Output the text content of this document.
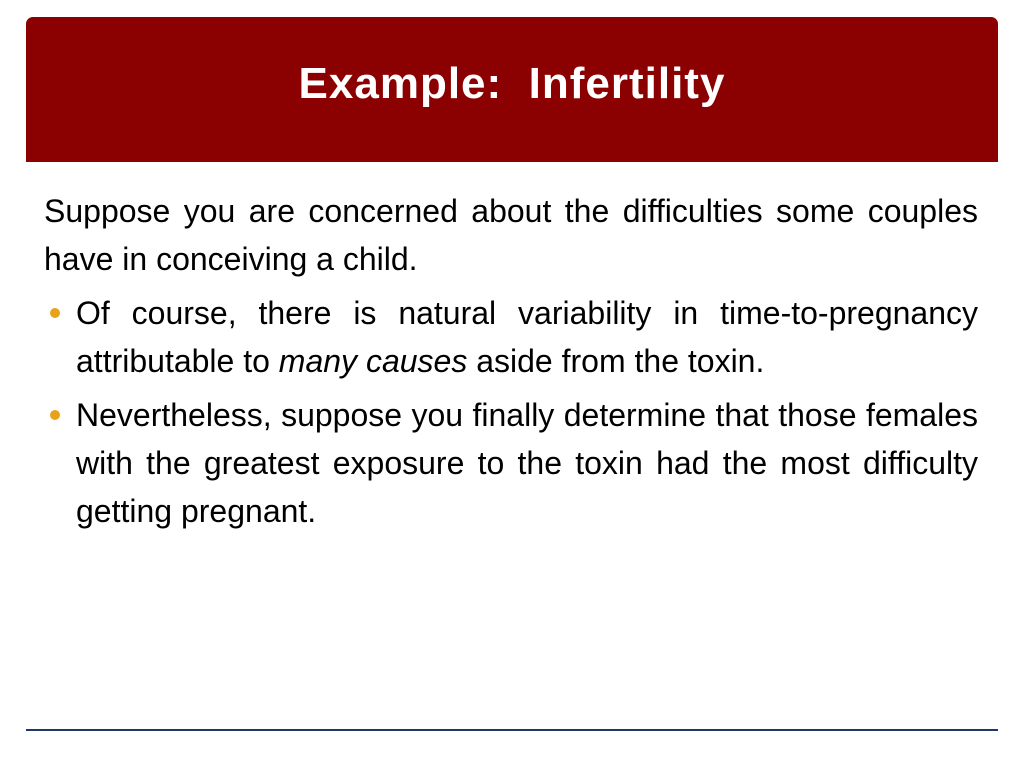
Example:  Infertility

Suppose you are concerned about the difficulties some couples have in conceiving a child.

Of course, there is natural variability in time-to-pregnancy attributable to many causes aside from the toxin.
Nevertheless, suppose you finally determine that those females with the greatest exposure to the toxin had the most difficulty getting pregnant.
